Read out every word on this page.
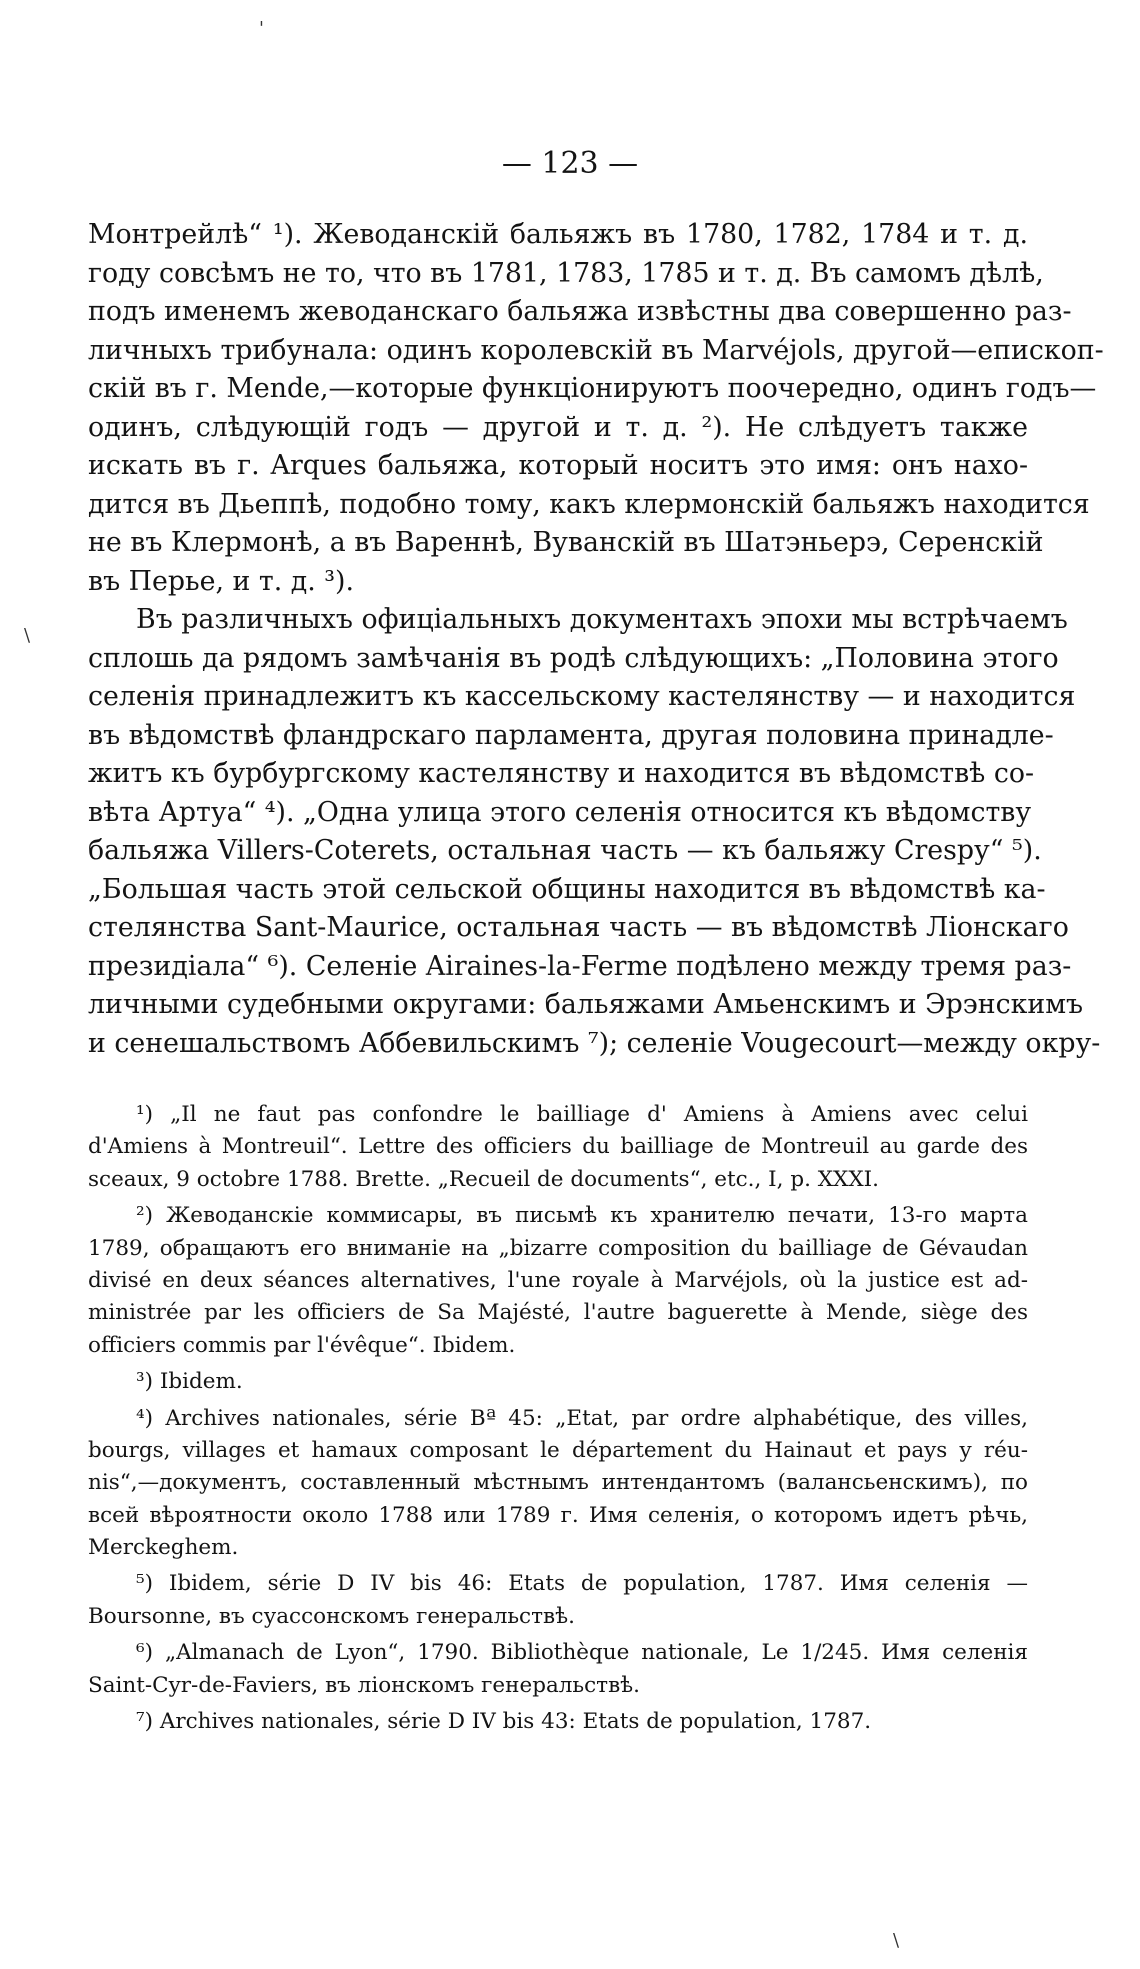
'
\
\
— 123 —
Монтрейлѣ“ ¹). Жеводанскій бальяжъ въ 1780, 1782, 1784 и т. д.
году совсѣмъ не то, что въ 1781, 1783, 1785 и т. д. Въ самомъ дѣлѣ,
подъ именемъ жеводанскаго бальяжа извѣстны два совершенно раз-
личныхъ трибунала: одинъ королевскій въ Marvéjols, другой—епископ-
скій въ г. Mende,—которые функціонируютъ поочередно, одинъ годъ—
одинъ, слѣдующій годъ — другой и т. д. ²). Не слѣдуетъ также
искать въ г. Arques бальяжа, который носитъ это имя: онъ нахо-
дится въ Дьеппѣ, подобно тому, какъ клермонскій бальяжъ находится
не въ Клермонѣ, а въ Вареннѣ, Вуванскій въ Шатэньерэ, Серенскій
въ Перье, и т. д. ³).
Въ различныхъ офиціальныхъ документахъ эпохи мы встрѣчаемъ
сплошь да рядомъ замѣчанія въ родѣ слѣдующихъ: „Половина этого
селенія принадлежитъ къ кассельскому кастелянству — и находится
въ вѣдомствѣ фландрскаго парламента, другая половина принадле-
житъ къ бурбургскому кастелянству и находится въ вѣдомствѣ со-
вѣта Артуа“ ⁴). „Одна улица этого селенія относится къ вѣдомству
бальяжа Villers-Coterets, остальная часть — къ бальяжу Cresру“ ⁵).
„Большая часть этой сельской общины находится въ вѣдомствѣ ка-
стелянства Sant-Maurice, остальная часть — въ вѣдомствѣ Ліонскаго
президіала“ ⁶). Селеніе Airaines-la-Ferme подѣлено между тремя раз-
личными судебными округами: бальяжами Амьенскимъ и Эрэнскимъ
и сенешальствомъ Аббевильскимъ ⁷); селеніе Vougecourt—между окру-
¹) „Il ne faut pas confondre le bailliage d' Amiens à Amiens avec celui
d'Amiens à Montreuil“. Lettre des officiers du bailliage de Montreuil au garde des
sceaux, 9 octobre 1788. Brette. „Recueil de documents“, etc., I, p. XXXI.
²) Жеводанскіе коммисары, въ письмѣ къ хранителю печати, 13-го марта
1789, обращаютъ его вниманіе на „bizarre composition du bailliage de Gévaudan
divisé en deux séances alternatives, l'une royale à Marvéjols, où la justice est ad-
ministrée par les officiers de Sa Majésté, l'autre baguerette à Mende, siège des
officiers commis par l'évêque“. Ibidem.
³) Ibidem.
⁴) Archives nationales, série Bª 45: „Etat, par ordre alphabétique, des villes,
bourgs, villages et hamaux composant le département du Hainaut et pays y réu-
nis“,—документъ, составленный мѣстнымъ интендантомъ (валансьенскимъ), по
всей вѣроятности около 1788 или 1789 г. Имя селенія, о которомъ идетъ рѣчь,
Merckeghem.
⁵) Ibidem, série D IV bis 46: Etats de population, 1787. Имя селенія —
Boursonne, въ суассонскомъ генеральствѣ.
⁶) „Almanach de Lyon“, 1790. Bibliothèque nationale, Le 1/245. Имя селенія
Saint-Cyr-de-Faviers, въ ліонскомъ генеральствѣ.
⁷) Archives nationales, série D IV bis 43: Etats de population, 1787.
